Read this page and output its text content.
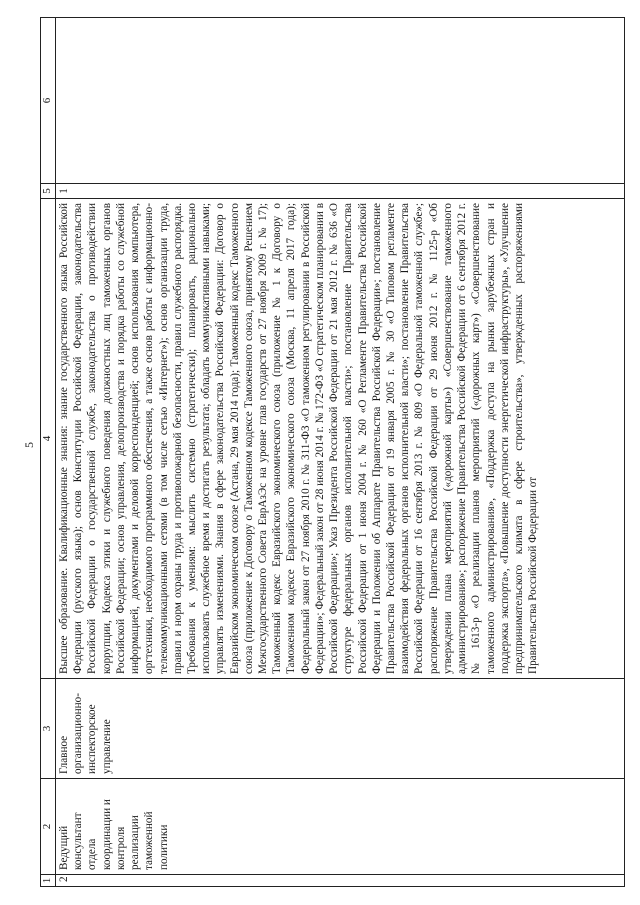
5
1	2	3	4	5	6
2	Ведущий консультант отдела координации и контроля реализации таможенной политики	Главное организационно-инспекторское управление	Высшее образование. Квалификационные знания: знание государственного языка Российской Федерации (русского языка); основ Конституции Российской Федерации, законодательства Российской Федерации о государственной службе, законодательства о противодействии коррупции, Кодекса этики и служебного поведения должностных лиц таможенных органов Российской Федерации; основ управления, делопроизводства и порядка работы со служебной информацией, документами и деловой корреспонденцией; основ использования компьютера, оргтехники, необходимого программного обеспечения, а также основ работы с информационно-телекоммуникационными сетями (в том числе сетью «Интернет»); основ организации труда, правил и норм охраны труда и противопожарной безопасности, правил служебного распорядка. Требования к умениям: мыслить системно (стратегически); планировать, рационально использовать служебное время и достигать результата; обладать коммуникативными навыками; управлять изменениями. Знания в сфере законодательства Российской Федерации: Договор о Евразийском экономическом союзе (Астана, 29 мая 2014 года); Таможенный кодекс Таможенного союза (приложение к Договору о Таможенном кодексе Таможенного союза, принятому Решением Межгосударственного Совета ЕврАзЭс на уровне глав государств от 27 ноября 2009 г. № 17); Таможенный кодекс Евразийского экономического союза (приложение № 1 к Договору о Таможенном кодексе Евразийского экономического союза (Москва, 11 апреля 2017 года); Федеральный закон от 27 ноября 2010 г. № 311-ФЗ «О таможенном регулировании в Российской Федерации»; Федеральный закон от 28 июня 2014 г. № 172-ФЗ «О стратегическом планировании в Российской Федерации»; Указ Президента Российской Федерации от 21 мая 2012 г. № 636 «О структуре федеральных органов исполнительной власти»; постановление Правительства Российской Федерации от 1 июня 2004 г. № 260 «О Регламенте Правительства Российской Федерации и Положении об Аппарате Правительства Российской Федерации»; постановление Правительства Российской Федерации от 19 января 2005 г. № 30 «О Типовом регламенте взаимодействия федеральных органов исполнительной власти»; постановление Правительства Российской Федерации от 16 сентября 2013 г. № 809 «О Федеральной таможенной службе»; распоряжение Правительства Российской Федерации от 29 июня 2012 г. № 1125-р «Об утверждении плана мероприятий («дорожной карты») «Совершенствование таможенного администрирования»; распоряжение Правительства Российской Федерации от 6 сентября 2012 г. № 1613-р «О реализации планов мероприятий («дорожных карт») «Совершенствование таможенного администрирования», «Поддержка доступа на рынки зарубежных стран и поддержка экспорта», «Повышение доступности энергетической инфраструктуры», «Улучшение предпринимательского климата в сфере строительства», утвержденных распоряжениями Правительства Российской Федерации от	1	
